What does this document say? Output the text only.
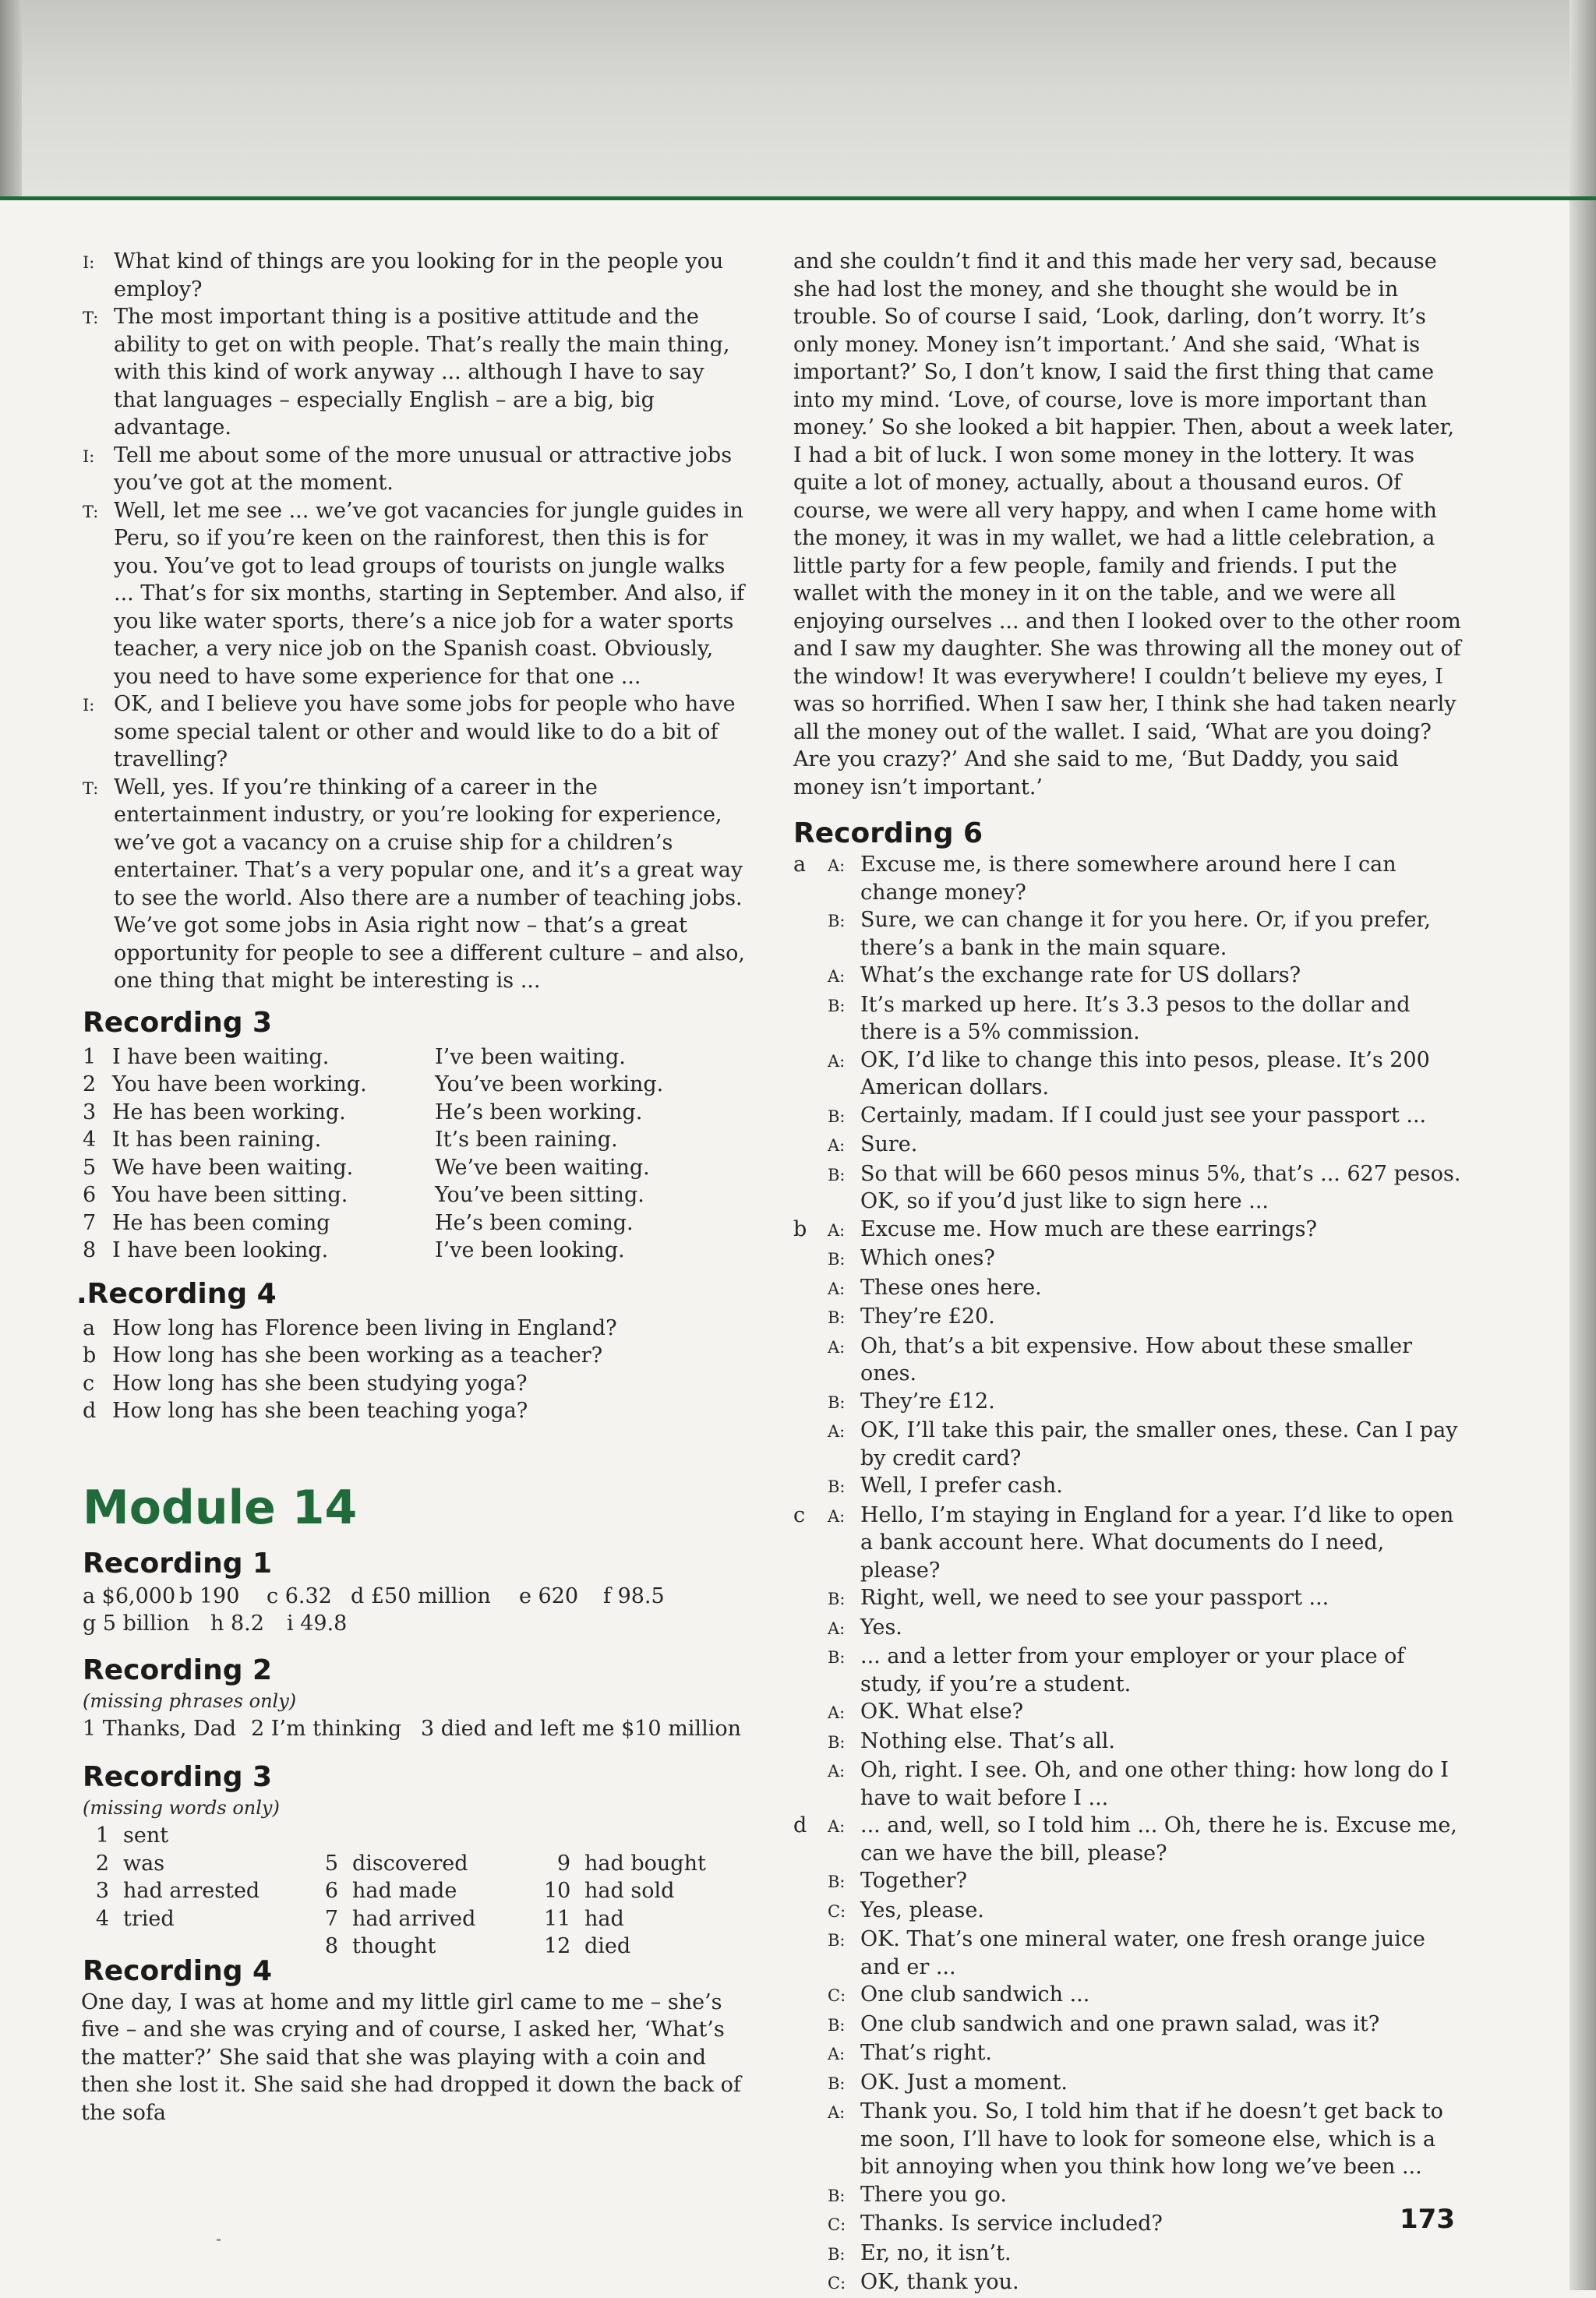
I: What kind of things are you looking for in the people you employ?
T: The most important thing is a positive attitude and the ability to get on with people. That’s really the main thing, with this kind of work anyway ... although I have to say that languages – especially English – are a big, big advantage.
I: Tell me about some of the more unusual or attractive jobs you’ve got at the moment.
T: Well, let me see ... we’ve got vacancies for jungle guides in Peru, so if you’re keen on the rainforest, then this is for you. You’ve got to lead groups of tourists on jungle walks ... That’s for six months, starting in September. And also, if you like water sports, there’s a nice job for a water sports teacher, a very nice job on the Spanish coast. Obviously, you need to have some experience for that one ...
I: OK, and I believe you have some jobs for people who have some special talent or other and would like to do a bit of travelling?
T: Well, yes. If you’re thinking of a career in the entertainment industry, or you’re looking for experience, we’ve got a vacancy on a cruise ship for a children’s entertainer. That’s a very popular one, and it’s a great way to see the world. Also there are a number of teaching jobs. We’ve got some jobs in Asia right now – that’s a great opportunity for people to see a different culture – and also, one thing that might be interesting is ...
Recording 3
1 I have been waiting.	I’ve been waiting.
2 You have been working.	You’ve been working.
3 He has been working.	He’s been working.
4 It has been raining.	It’s been raining.
5 We have been waiting.	We’ve been waiting.
6 You have been sitting.	You’ve been sitting.
7 He has been coming	He’s been coming.
8 I have been looking.	I’ve been looking.
.Recording 4
a How long has Florence been living in England?
b How long has she been working as a teacher?
c How long has she been studying yoga?
d How long has she been teaching yoga?
Module 14
Recording 1
a $6,000 b 190	c 6.32 d £50 million	e 620	f 98.5
g 5 billion h 8.2	i 49.8
Recording 2
(missing phrases only)
1 Thanks, Dad 2 I’m thinking 3 died and left me $10 million
Recording 3
(missing words only)
1 sent
2 was
3 had arrested
4 tried
5 discovered
6 had made
7 had arrived
8 thought
9 had bought
10 had sold
11 had
12 died
Recording 4
One day, I was at home and my little girl came to me – she’s five – and she was crying and of course, I asked her, ‘What’s the matter?’ She said that she was playing with a coin and then she lost it. She said she had dropped it down the back of the sofa
and she couldn’t find it and this made her very sad, because she had lost the money, and she thought she would be in trouble. So of course I said, ‘Look, darling, don’t worry. It’s only money. Money isn’t important.’ And she said, ‘What is important?’ So, I don’t know, I said the first thing that came into my mind. ‘Love, of course, love is more important than money.’ So she looked a bit happier. Then, about a week later, I had a bit of luck. I won some money in the lottery. It was quite a lot of money, actually, about a thousand euros. Of course, we were all very happy, and when I came home with the money, it was in my wallet, we had a little celebration, a little party for a few people, family and friends. I put the wallet with the money in it on the table, and we were all enjoying ourselves ... and then I looked over to the other room and I saw my daughter. She was throwing all the money out of the window! It was everywhere! I couldn’t believe my eyes, I was so horrified. When I saw her, I think she had taken nearly all the money out of the wallet. I said, ‘What are you doing? Are you crazy?’ And she said to me, ‘But Daddy, you said money isn’t important.’
Recording 6
a	A: Excuse me, is there somewhere around here I can change money?
B: Sure, we can change it for you here. Or, if you prefer, there’s a bank in the main square.
A: What’s the exchange rate for US dollars?
B: It’s marked up here. It’s 3.3 pesos to the dollar and there is a 5% commission.
A: OK, I’d like to change this into pesos, please. It’s 200 American dollars.
B: Certainly, madam. If I could just see your passport ...
A: Sure.
B: So that will be 660 pesos minus 5%, that’s ... 627 pesos. OK, so if you’d just like to sign here ...
b	A: Excuse me. How much are these earrings?
B: Which ones?
A: These ones here.
B: They’re £20.
A: Oh, that’s a bit expensive. How about these smaller ones.
B: They’re £12.
A: OK, I’ll take this pair, the smaller ones, these. Can I pay by credit card?
B: Well, I prefer cash.
c	A: Hello, I’m staying in England for a year. I’d like to open a bank account here. What documents do I need, please?
B: Right, well, we need to see your passport ...
A: Yes.
B: ... and a letter from your employer or your place of study, if you’re a student.
A: OK. What else?
B: Nothing else. That’s all.
A: Oh, right. I see. Oh, and one other thing: how long do I have to wait before I ...
d	A: ... and, well, so I told him ... Oh, there he is. Excuse me, can we have the bill, please?
B: Together?
C: Yes, please.
B: OK. That’s one mineral water, one fresh orange juice and er ...
C: One club sandwich ...
B: One club sandwich and one prawn salad, was it?
A: That’s right.
B: OK. Just a moment.
A: Thank you. So, I told him that if he doesn’t get back to me soon, I’ll have to look for someone else, which is a bit annoying when you think how long we’ve been ...
B: There you go.
C: Thanks. Is service included?
B: Er, no, it isn’t.
C: OK, thank you.
173
